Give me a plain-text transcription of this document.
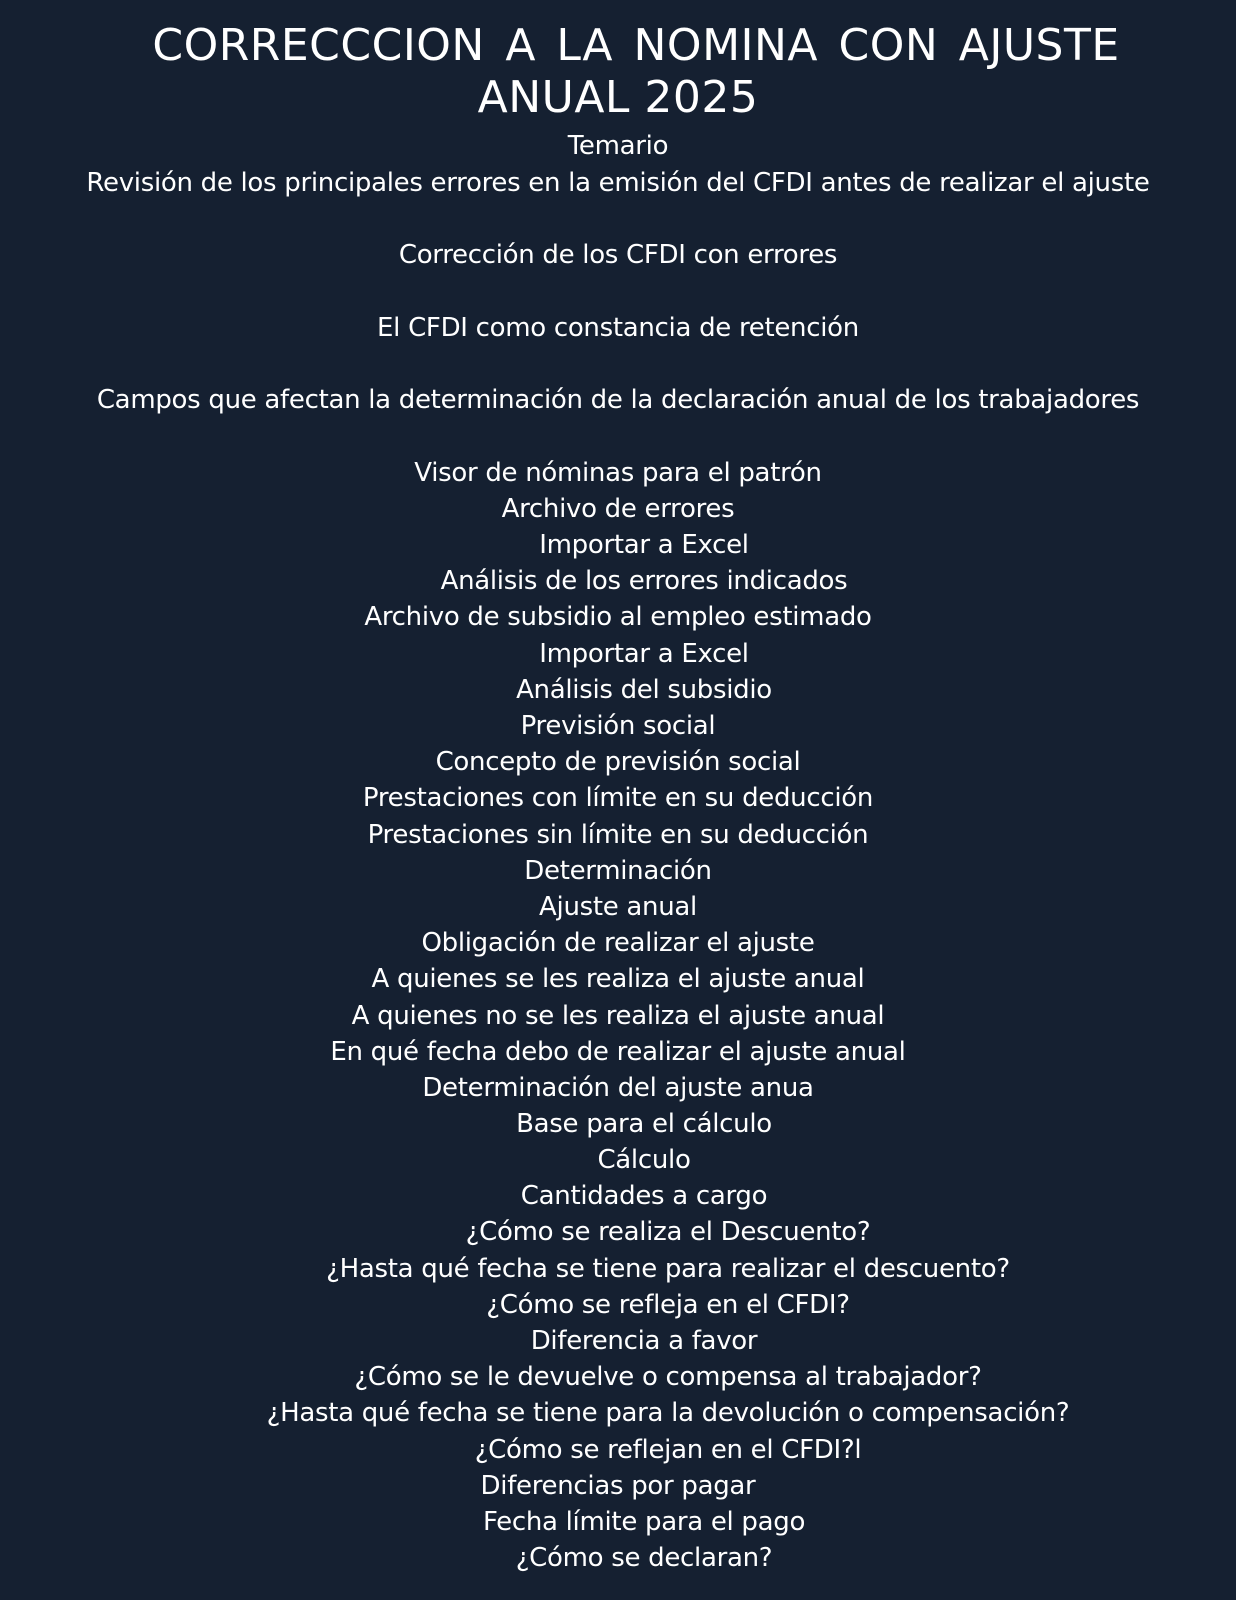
CORRECCCION A LA NOMINA CON AJUSTE
ANUAL 2025
Temario
Revisión de los principales errores en la emisión del CFDI antes de realizar el ajuste
Corrección de los CFDI con errores
El CFDI como constancia de retención
Campos que afectan la determinación de la declaración anual de los trabajadores
Visor de nóminas para el patrón
Archivo de errores
Importar a Excel
Análisis de los errores indicados
Archivo de subsidio al empleo estimado
Importar a Excel
Análisis del subsidio
Previsión social
Concepto de previsión social
Prestaciones con límite en su deducción
Prestaciones sin límite en su deducción
Determinación
Ajuste anual
Obligación de realizar el ajuste
A quienes se les realiza el ajuste anual
A quienes no se les realiza el ajuste anual
En qué fecha debo de realizar el ajuste anual
Determinación del ajuste anua
Base para el cálculo
Cálculo
Cantidades a cargo
¿Cómo se realiza el Descuento?
¿Hasta qué fecha se tiene para realizar el descuento?
¿Cómo se refleja en el CFDI?
Diferencia a favor
¿Cómo se le devuelve o compensa al trabajador?
¿Hasta qué fecha se tiene para la devolución o compensación?
¿Cómo se reflejan en el CFDI?l
Diferencias por pagar
Fecha límite para el pago
¿Cómo se declaran?
